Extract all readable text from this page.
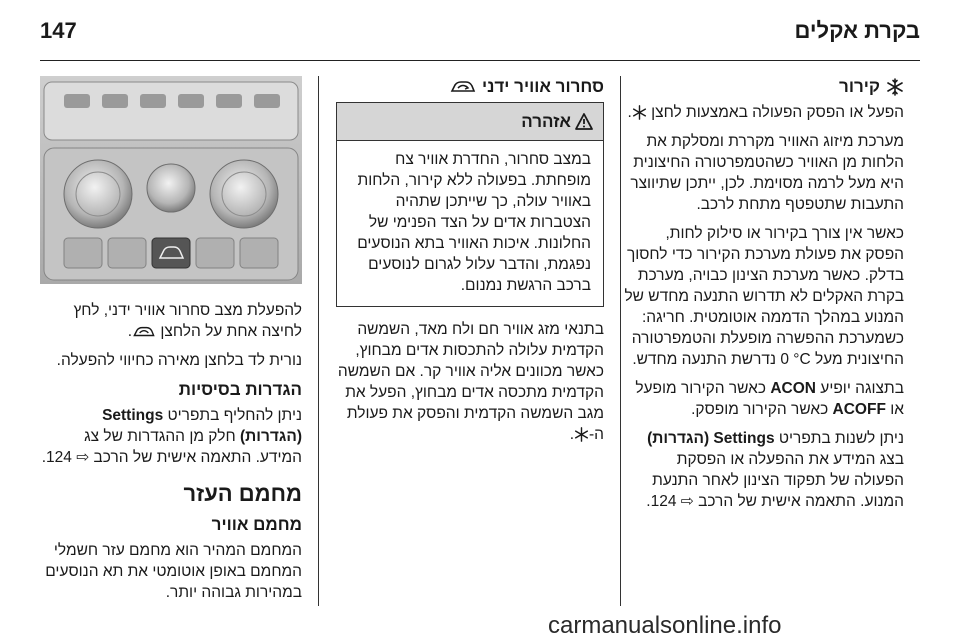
147	בקרת אקלים
קירור

הפעל או הפסק הפעולה באמצעות לחצן .

מערכת מיזוג האוויר מקררת ומסלקת את הלחות מן האוויר כשהטמפרטורה החיצונית היא מעל לרמה מסוימת. לכן, ייתכן שתיווצר התעבות שתטפטף מתחת לרכב.

כאשר אין צורך בקירור או סילוק לחות, הפסק את פעולת מערכת הקירור כדי לחסוך בדלק. כאשר מערכת הצינון כבויה, מערכת בקרת האקלים לא תדרוש התנעה מחדש של המנוע במהלך הדממה אוטומטית. חריגה: כשמערכת ההפשרה מופעלת והטמפרטורה החיצונית מעל 0 °C נדרשת התנעה מחדש.

בתצוגה יופיע ACON כאשר הקירור מופעל או ACOFF כאשר הקירור מופסק.

ניתן לשנות בתפריט Settings (הגדרות) בצג המידע את ההפעלה או הפסקת הפעולה של תפקוד הצינון לאחר התנעת המנוע. התאמה אישית של הרכב ⇨ 124.

סחרור אוויר ידני
אזהרה
במצב סחרור, החדרת אוויר צח מופחתת. בפעולה ללא קירור, הלחות באוויר עולה, כך שייתכן שתהיה הצטברות אדים על הצד הפנימי של החלונות. איכות האוויר בתא הנוסעים נפגמת, והדבר עלול לגרום לנוסעים ברכב הרגשת נמנום.

בתנאי מזג אוויר חם ולח מאד, השמשה הקדמית עלולה להתכסות אדים מבחוץ, כאשר מכוונים אליה אוויר קר. אם השמשה הקדמית מתכסה אדים מבחוץ, הפעל את מגב השמשה הקדמית והפסק את פעולת ה-.

להפעלת מצב סחרור אוויר ידני, לחץ לחיצה אחת על הלחצן .

נורית לד בלחצן מאירה כחיווי להפעלה.

הגדרות בסיסיות

ניתן להחליף בתפריט Settings (הגדרות) חלק מן ההגדרות של צג המידע. התאמה אישית של הרכב ⇨ 124.

מחמם העזר
מחמם אוויר

המחמם המהיר הוא מחמם עזר חשמלי המחמם באופן אוטומטי את תא הנוסעים במהירות גבוהה יותר.

carmanualsonline.info
